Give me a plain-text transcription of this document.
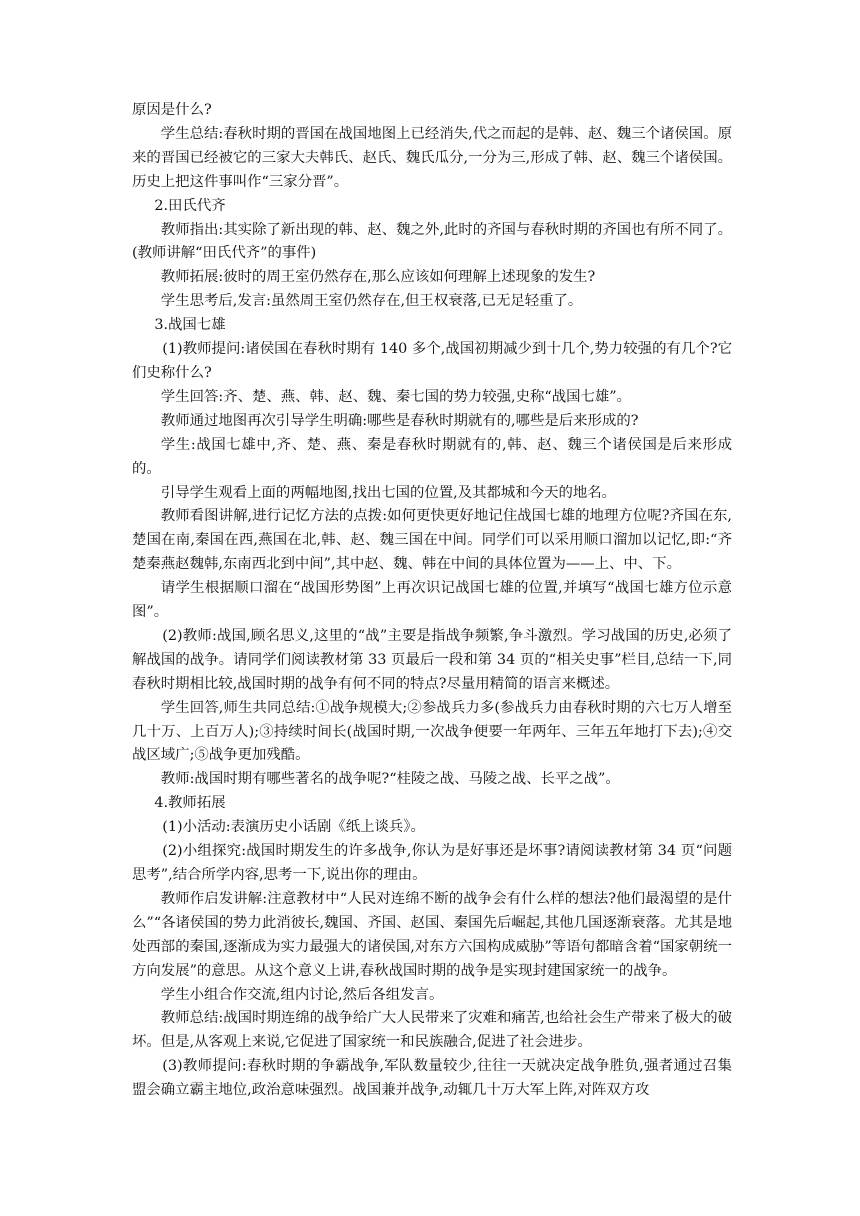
原因是什么?

学生总结:春秋时期的晋国在战国地图上已经消失,代之而起的是韩、赵、魏三个诸侯国。原来的晋国已经被它的三家大夫韩氏、赵氏、魏氏瓜分,一分为三,形成了韩、赵、魏三个诸侯国。历史上把这件事叫作“三家分晋”。

2.田氏代齐

教师指出:其实除了新出现的韩、赵、魏之外,此时的齐国与春秋时期的齐国也有所不同了。(教师讲解“田氏代齐”的事件)

教师拓展:彼时的周王室仍然存在,那么应该如何理解上述现象的发生?

学生思考后,发言:虽然周王室仍然存在,但王权衰落,已无足轻重了。

3.战国七雄

(1)教师提问:诸侯国在春秋时期有 140 多个,战国初期减少到十几个,势力较强的有几个?它们史称什么?

学生回答:齐、楚、燕、韩、赵、魏、秦七国的势力较强,史称“战国七雄”。

教师通过地图再次引导学生明确:哪些是春秋时期就有的,哪些是后来形成的?

学生:战国七雄中,齐、楚、燕、秦是春秋时期就有的,韩、赵、魏三个诸侯国是后来形成的。

引导学生观看上面的两幅地图,找出七国的位置,及其都城和今天的地名。

教师看图讲解,进行记忆方法的点拨:如何更快更好地记住战国七雄的地理方位呢?齐国在东,楚国在南,秦国在西,燕国在北,韩、赵、魏三国在中间。同学们可以采用顺口溜加以记忆,即:“齐楚秦燕赵魏韩,东南西北到中间”,其中赵、魏、韩在中间的具体位置为——上、中、下。

请学生根据顺口溜在“战国形势图”上再次识记战国七雄的位置,并填写“战国七雄方位示意图”。

(2)教师:战国,顾名思义,这里的“战”主要是指战争频繁,争斗激烈。学习战国的历史,必须了解战国的战争。请同学们阅读教材第 33 页最后一段和第 34 页的“相关史事”栏目,总结一下,同春秋时期相比较,战国时期的战争有何不同的特点?尽量用精简的语言来概述。

学生回答,师生共同总结:①战争规模大;②参战兵力多(参战兵力由春秋时期的六七万人增至几十万、上百万人);③持续时间长(战国时期,一次战争便要一年两年、三年五年地打下去);④交战区域广;⑤战争更加残酷。

教师:战国时期有哪些著名的战争呢?“桂陵之战、马陵之战、长平之战”。

4.教师拓展

(1)小活动:表演历史小话剧《纸上谈兵》。

(2)小组探究:战国时期发生的许多战争,你认为是好事还是坏事?请阅读教材第 34 页“问题思考”,结合所学内容,思考一下,说出你的理由。

教师作启发讲解:注意教材中“人民对连绵不断的战争会有什么样的想法?他们最渴望的是什么”“各诸侯国的势力此消彼长,魏国、齐国、赵国、秦国先后崛起,其他几国逐渐衰落。尤其是地处西部的秦国,逐渐成为实力最强大的诸侯国,对东方六国构成威胁”等语句都暗含着“国家朝统一方向发展”的意思。从这个意义上讲,春秋战国时期的战争是实现封建国家统一的战争。

学生小组合作交流,组内讨论,然后各组发言。

教师总结:战国时期连绵的战争给广大人民带来了灾难和痛苦,也给社会生产带来了极大的破坏。但是,从客观上来说,它促进了国家统一和民族融合,促进了社会进步。

(3)教师提问:春秋时期的争霸战争,军队数量较少,往往一天就决定战争胜负,强者通过召集盟会确立霸主地位,政治意味强烈。战国兼并战争,动辄几十万大军上阵,对阵双方攻
